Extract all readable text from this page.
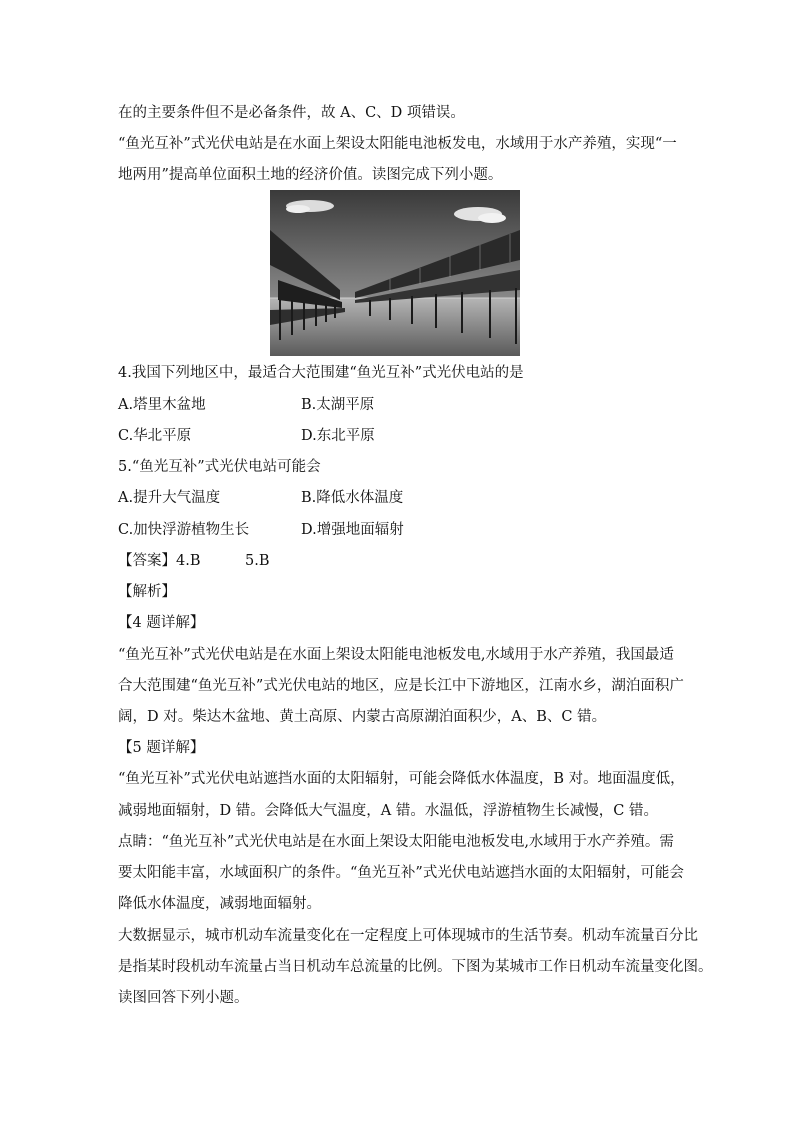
在的主要条件但不是必备条件，故 A、C、D 项错误。
“鱼光互补”式光伏电站是在水面上架设太阳能电池板发电，水域用于水产养殖，实现“一
地两用”提高单位面积土地的经济价值。读图完成下列小题。
4.我国下列地区中，最适合大范围建“鱼光互补”式光伏电站的是
A.塔里木盆地	B.太湖平原
C.华北平原	D.东北平原
5.“鱼光互补”式光伏电站可能会
A.提升大气温度	B.降低水体温度
C.加快浮游植物生长	D.增强地面辐射
【答案】4.B	5.B
【解析】
【4 题详解】
“鱼光互补”式光伏电站是在水面上架设太阳能电池板发电,水域用于水产养殖，我国最适
合大范围建“鱼光互补”式光伏电站的地区，应是长江中下游地区，江南水乡，湖泊面积广
阔，D 对。柴达木盆地、黄土高原、内蒙古高原湖泊面积少，A、B、C 错。
【5 题详解】
“鱼光互补”式光伏电站遮挡水面的太阳辐射，可能会降低水体温度，B 对。地面温度低，
减弱地面辐射，D 错。会降低大气温度，A 错。水温低，浮游植物生长减慢，C 错。
点睛：“鱼光互补”式光伏电站是在水面上架设太阳能电池板发电,水域用于水产养殖。需
要太阳能丰富，水域面积广的条件。“鱼光互补”式光伏电站遮挡水面的太阳辐射，可能会
降低水体温度，减弱地面辐射。
大数据显示，城市机动车流量变化在一定程度上可体现城市的生活节奏。机动车流量百分比
是指某时段机动车流量占当日机动车总流量的比例。下图为某城市工作日机动车流量变化图。
读图回答下列小题。
